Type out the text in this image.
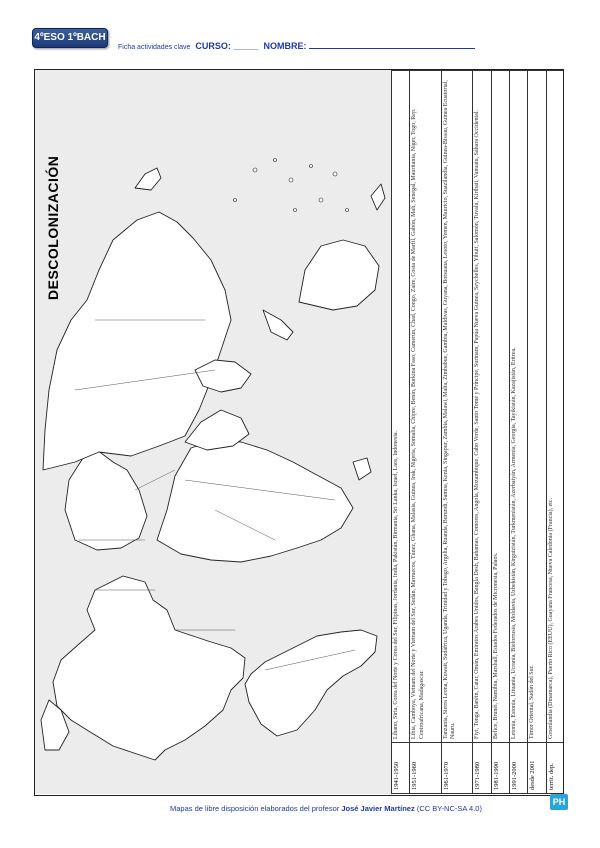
4ºESO 1ºBACH
Ficha actividades clave CURSO: _____ NOMBRE:
DESCOLONIZACIÓN
1941-1950	Líbano, Siria, Corea del Norte y Corea del Sur, Filipinas, Jordania, India, Pakistán, Birmania, Sri Lanka, Israel, Laos, Indonesia.
1951-1960	Libia, Camboya, Vietnam del Norte y Vietnam del Sur, Sudán, Marruecos, Túnez, Ghana, Malasia, Guinea, Irak, Nigeria, Somalia, Chipre, Benín, Burkina Faso, Camerún, Chad, Congo, Zaire, Costa de Marfil, Gabón, Malí, Senegal, Mauritania, Níger, Togo, Rep. Centroafricana, Madagascar.
1961-1970	Tanzania, Sierra Leona, Kuwait, Sudáfrica, Uganda, Trinidad y Tobago, Argelia, Ruanda, Burundi, Samoa, Kenia, Singapur, Zambia, Malawi, Malta, Zimbabue, Gambia, Maldivas, Guyana, Botsuana, Lesoto, Yemen, Mauricio, Suazilandia, Guinea-Bissau, Guinea Ecuatorial, Nauru.
1971-1980	Fiyi, Tonga, Baréin, Catar, Omán, Emiratos Árabes Unidos, Bangla Desh, Bahamas, Comores, Angola, Mozambique, Cabo Verde, Santo Tomé y Príncipe, Surinam, Papúa Nueva Guinea, Seychelles, Yibuti, Salomón, Tuvalu, Kiribati, Vanuatu, Sáhara Occidental.
1981-1990	Belice, Brunéi, Namibia, Marshall, Estados Federados de Micronesia, Palaos.
1991-2000	Letonia, Estonia, Lituania, Ucrania, Bielorrusia, Moldavia, Uzbekistán, Kirguizistán, Turkmenistán, Azerbaiyán, Armenia, Georgia, Tayikistán, Kazajistán, Eritrea.
desde 2001	Timor Oriental, Sudán del Sur.
territ. dep.	Groenlandia (Dinamarca), Puerto Rico (EEUU), Guayana Francesa, Nueva Caledonia (Francia), etc.
Mapas de libre disposición elaborados del profesor José Javier Martínez (CC BY-NC-SA 4.0)
PH
